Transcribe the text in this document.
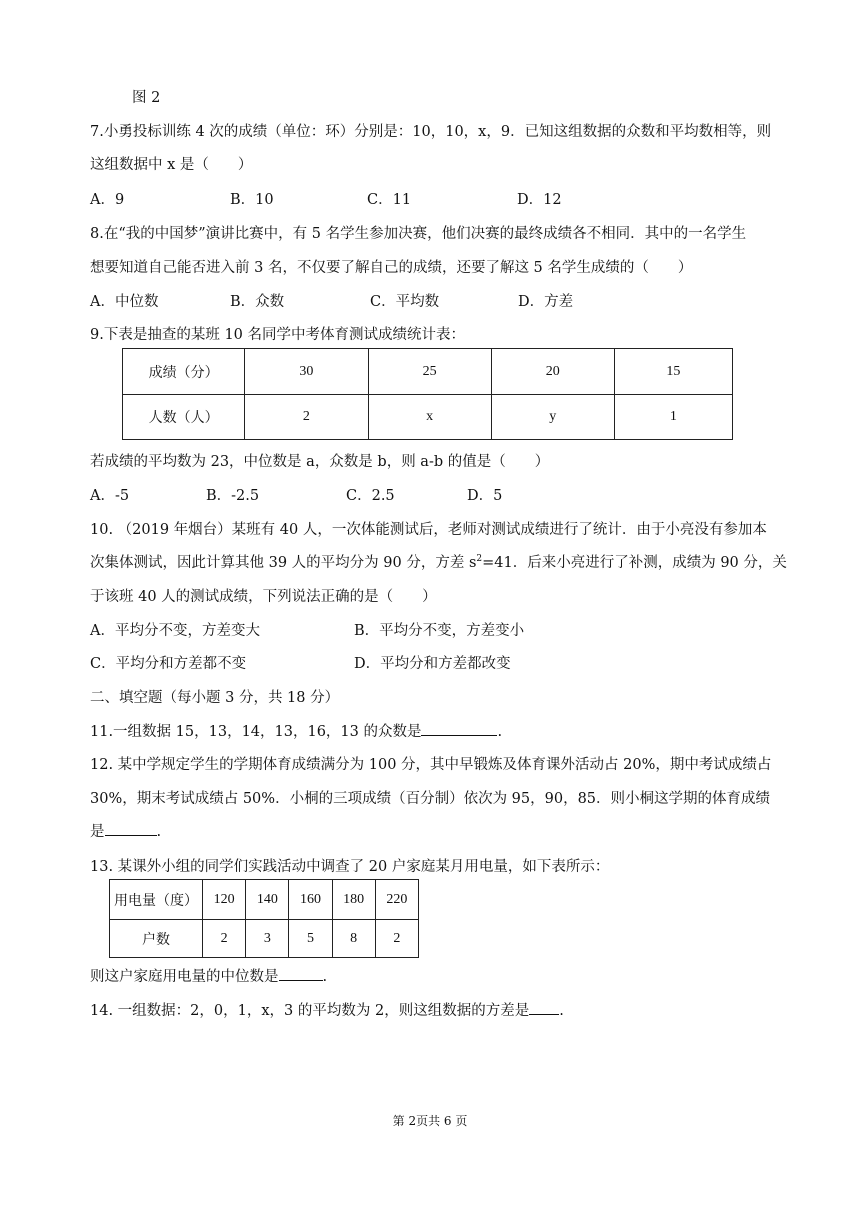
图 2
7.小勇投标训练 4 次的成绩（单位：环）分别是：10，10，x，9．已知这组数据的众数和平均数相等，则
这组数据中 x 是（　　）
A．9	B．10	C．11	D．12
8.在“我的中国梦”演讲比赛中，有 5 名学生参加决赛，他们决赛的最终成绩各不相同．其中的一名学生
想要知道自己能否进入前 3 名，不仅要了解自己的成绩，还要了解这 5 名学生成绩的（　　）
A．中位数	B．众数	C．平均数	D．方差
9.下表是抽查的某班 10 名同学中考体育测试成绩统计表：
成绩（分）	30	25	20	15
人数（人）	2	x	y	1
若成绩的平均数为 23，中位数是 a，众数是 b，则 a-b 的值是（　　）
A．-5	B．-2.5	C．2.5	D．5
10. （2019 年烟台）某班有 40 人，一次体能测试后，老师对测试成绩进行了统计．由于小亮没有参加本
次集体测试，因此计算其他 39 人的平均分为 90 分，方差 $s^2=41$．后来小亮进行了补测，成绩为 90 分，关
于该班 40 人的测试成绩，下列说法正确的是（　　）
A．平均分不变，方差变大	B．平均分不变，方差变小
C．平均分和方差都不变	D．平均分和方差都改变
二、填空题（每小题 3 分，共 18 分）
11.一组数据 15，13，14，13，16，13 的众数是	.
12. 某中学规定学生的学期体育成绩满分为 100 分，其中早锻炼及体育课外活动占 20%，期中考试成绩占
30%，期末考试成绩占 50%．小桐的三项成绩（百分制）依次为 95，90，85．则小桐这学期的体育成绩
是	.
13. 某课外小组的同学们实践活动中调查了 20 户家庭某月用电量，如下表所示：
用电量（度）	120	140	160	180	220
户数	2	3	5	8	2
则这户家庭用电量的中位数是	.
14. 一组数据：2，0，1，x，3 的平均数为 2，则这组数据的方差是 .
第 2页共 6 页
